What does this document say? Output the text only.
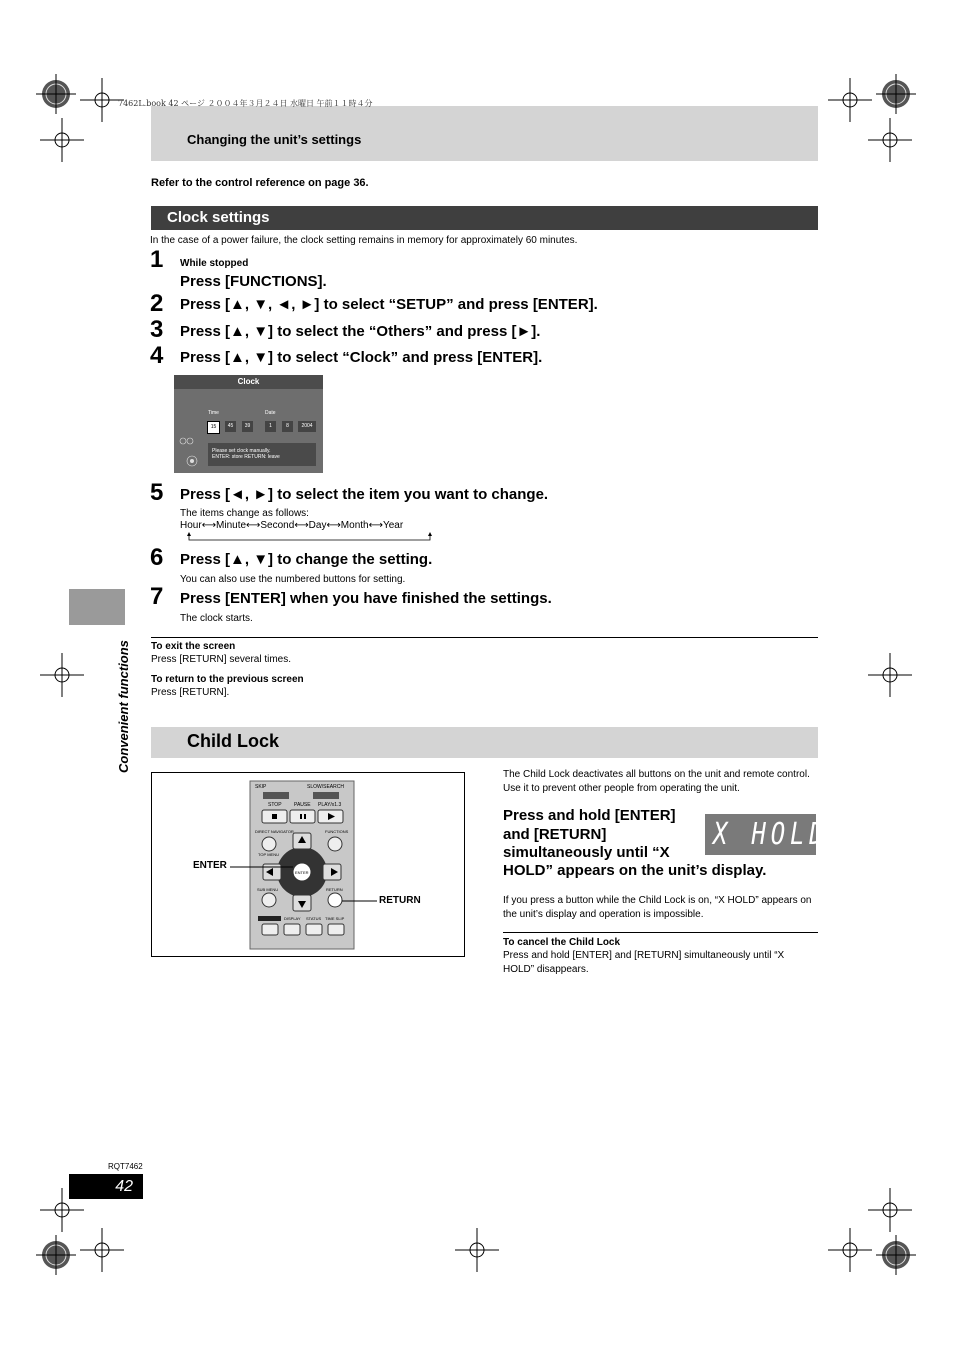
7462L.book 42 ページ ２００４年３月２４日 水曜日 午前１１時４分
Changing the unit’s settings
Refer to the control reference on page 36.
Clock settings
In the case of a power failure, the clock setting remains in memory for approximately 60 minutes.
1 While stopped
Press [FUNCTIONS].
2 Press [▲, ▼, ◄, ►] to select “SETUP” and press [ENTER].
3 Press [▲, ▼] to select the “Others” and press [►].
4 Press [▲, ▼] to select “Clock” and press [ENTER].
Clock
Time	Date
15	45	39	1	8	2004
Please set clock manually.
ENTER: store RETURN: leave
5 Press [◄, ►] to select the item you want to change.
The items change as follows:
Hour⟷Minute⟷Second⟷Day⟷Month⟷Year
6 Press [▲, ▼] to change the setting.
You can also use the numbered buttons for setting.
7 Press [ENTER] when you have finished the settings.
The clock starts.
To exit the screen
Press [RETURN] several times.
To return to the previous screen
Press [RETURN].
Convenient functions	Child Lock
SKIP	SLOW/SEARCH
STOP PAUSE PLAY/x1.3
DIRECT NAVIGATOR	FUNCTIONS
TOP MENU
ENTER
SUB MENU	RETURN
DISPLAY STATUS TIME SLIP
ENTER
RETURN
The Child Lock deactivates all buttons on the unit and remote control. Use it to prevent other people from operating the unit.
Press and hold [ENTER]
and [RETURN]
simultaneously until “X
HOLD” appears on the unit’s display.
X HOLD
If you press a button while the Child Lock is on, “X HOLD” appears on the unit’s display and operation is impossible.
To cancel the Child Lock
Press and hold [ENTER] and [RETURN] simultaneously until “X HOLD” disappears.
RQT7462
42
